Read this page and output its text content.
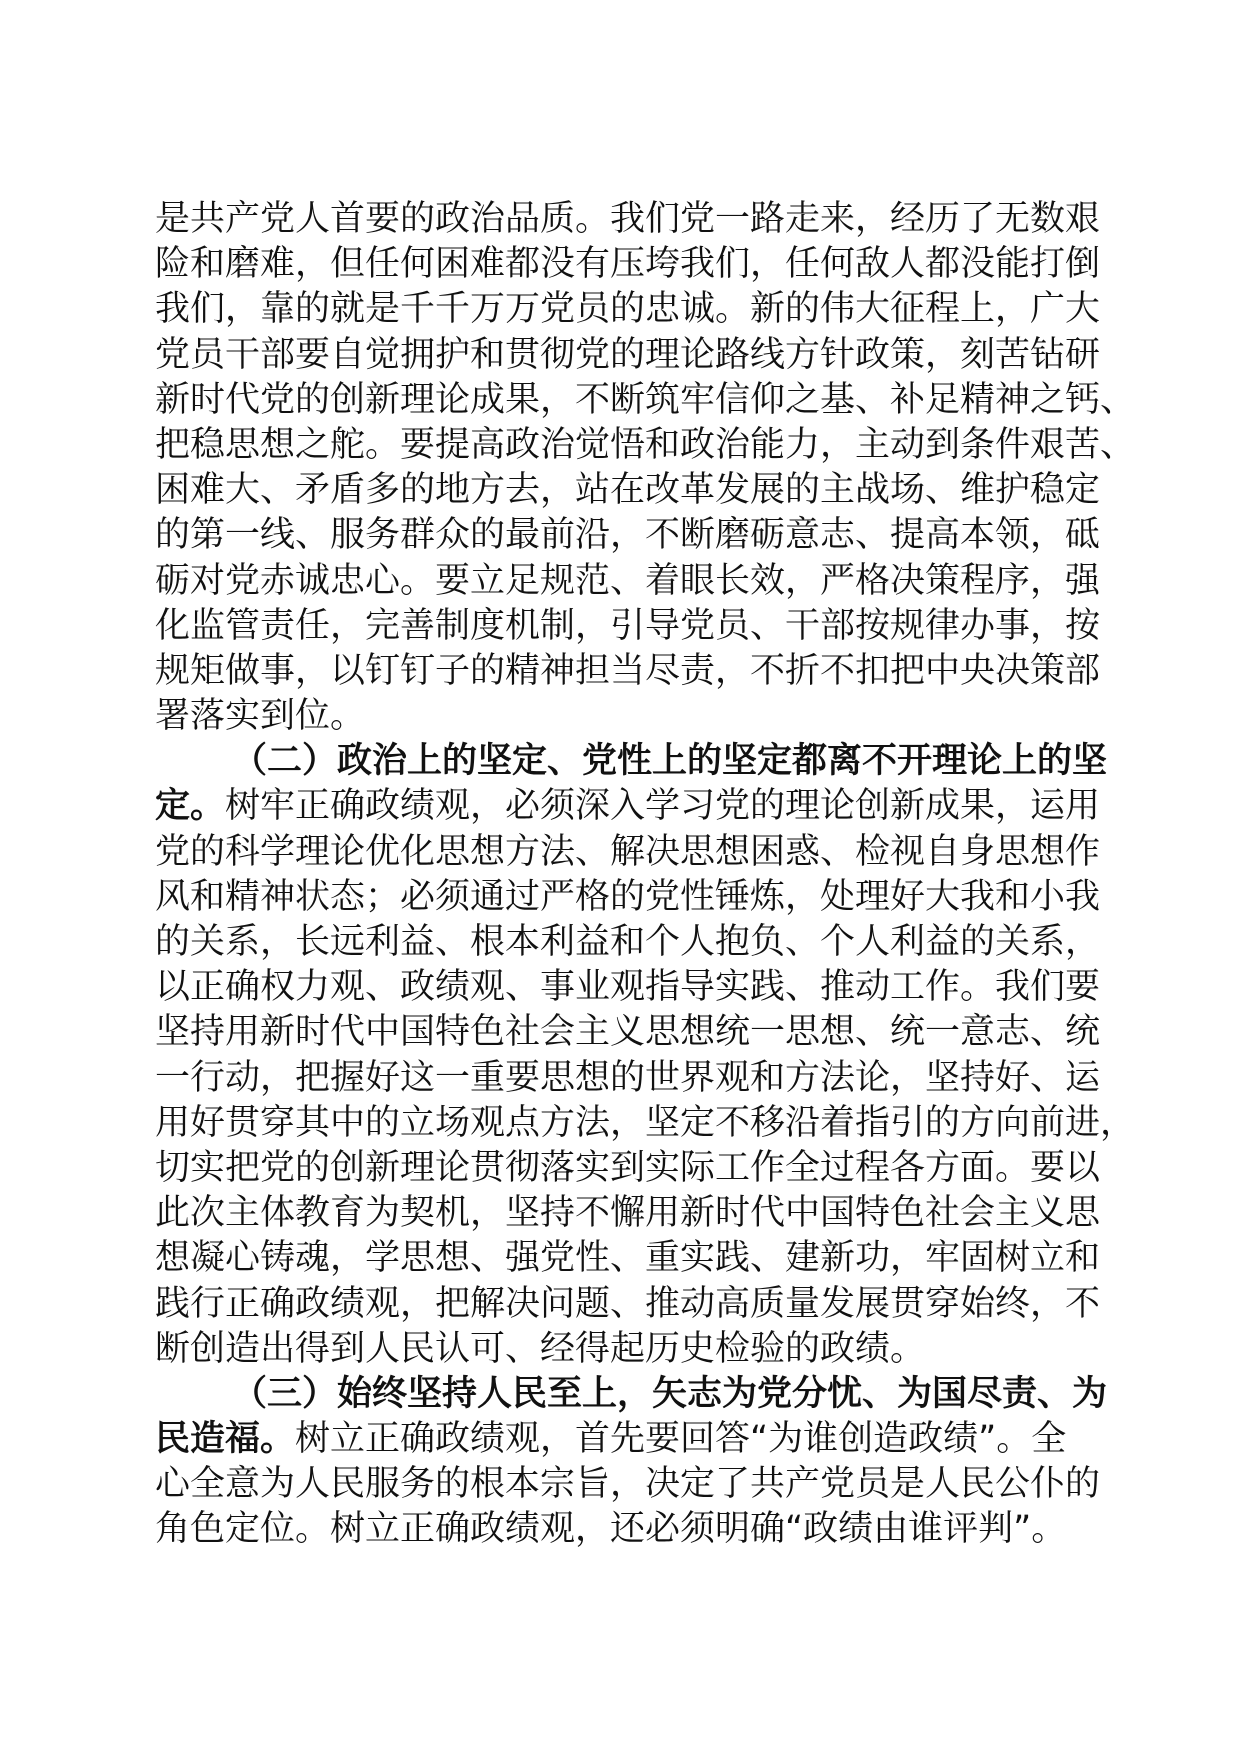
是共产党人首要的政治品质。我们党一路走来，经历了无数艰
险和磨难，但任何困难都没有压垮我们，任何敌人都没能打倒
我们，靠的就是千千万万党员的忠诚。新的伟大征程上，广大
党员干部要自觉拥护和贯彻党的理论路线方针政策，刻苦钻研
新时代党的创新理论成果，不断筑牢信仰之基、补足精神之钙、
把稳思想之舵。要提高政治觉悟和政治能力，主动到条件艰苦、
困难大、矛盾多的地方去，站在改革发展的主战场、维护稳定
的第一线、服务群众的最前沿，不断磨砺意志、提高本领，砥
砺对党赤诚忠心。要立足规范、着眼长效，严格决策程序，强
化监管责任，完善制度机制，引导党员、干部按规律办事，按
规矩做事，以钉钉子的精神担当尽责，不折不扣把中央决策部
署落实到位。
（二）政治上的坚定、党性上的坚定都离不开理论上的坚
定。树牢正确政绩观，必须深入学习党的理论创新成果，运用
党的科学理论优化思想方法、解决思想困惑、检视自身思想作
风和精神状态；必须通过严格的党性锤炼，处理好大我和小我
的关系，长远利益、根本利益和个人抱负、个人利益的关系，
以正确权力观、政绩观、事业观指导实践、推动工作。我们要
坚持用新时代中国特色社会主义思想统一思想、统一意志、统
一行动，把握好这一重要思想的世界观和方法论，坚持好、运
用好贯穿其中的立场观点方法，坚定不移沿着指引的方向前进，
切实把党的创新理论贯彻落实到实际工作全过程各方面。要以
此次主体教育为契机，坚持不懈用新时代中国特色社会主义思
想凝心铸魂，学思想、强党性、重实践、建新功，牢固树立和
践行正确政绩观，把解决问题、推动高质量发展贯穿始终，不
断创造出得到人民认可、经得起历史检验的政绩。
（三）始终坚持人民至上，矢志为党分忧、为国尽责、为
民造福。树立正确政绩观，首先要回答“为谁创造政绩”。全
心全意为人民服务的根本宗旨，决定了共产党员是人民公仆的
角色定位。树立正确政绩观，还必须明确“政绩由谁评判”。
